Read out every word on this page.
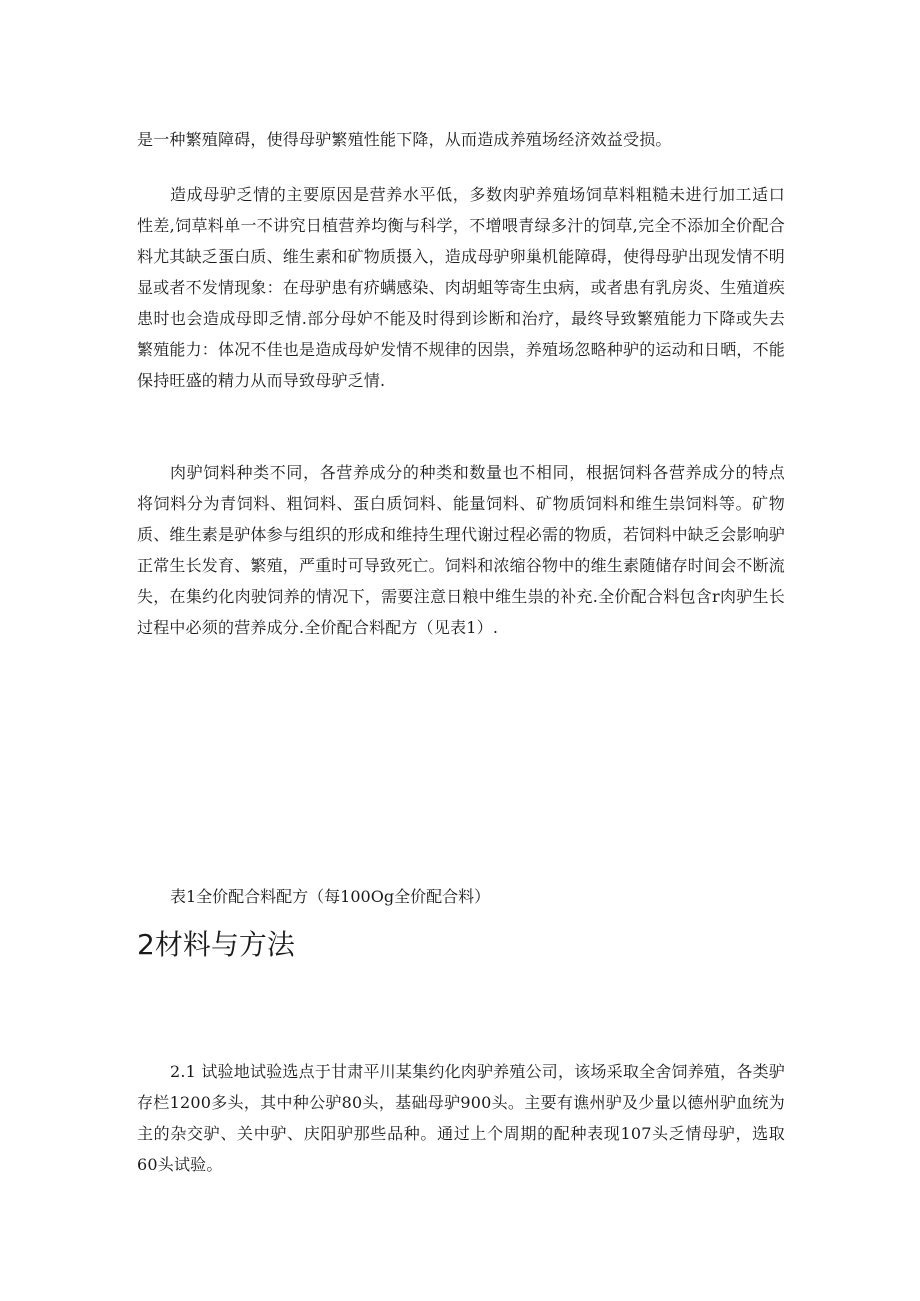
是一种繁殖障碍，使得母驴繁殖性能下降，从而造成养殖场经济效益受损。

造成母驴乏情的主要原因是营养水平低，多数肉驴养殖场饲草料粗糙未进行加工适口性差,饲草料单一不讲究日植营养均衡与科学，不增喂青绿多汁的饲草,完全不添加全价配合料尤其缺乏蛋白质、维生素和矿物质摄入，造成母驴卵巢机能障碍，使得母驴出现发情不明显或者不发情现象：在母驴患有疥螨感染、肉胡蛆等寄生虫病，或者患有乳房炎、生殖道疾患时也会造成母即乏情.部分母妒不能及时得到诊断和治疗，最终导致繁殖能力下降或失去繁殖能力：体况不佳也是造成母妒发情不规律的因祟，养殖场忽略种驴的运动和日晒，不能保持旺盛的精力从而导致母驴乏情.

肉驴饲料种类不同，各营养成分的种类和数量也不相同，根据饲料各营养成分的特点将饲料分为青饲料、粗饲料、蛋白质饲料、能量饲料、矿物质饲料和维生祟饲料等。矿物质、维生素是驴体参与组织的形成和维持生理代谢过程必需的物质，若饲料中缺乏会影响驴正常生长发育、繁殖，严重时可导致死亡。饲料和浓缩谷物中的维生素随储存时间会不断流失，在集约化肉驶饲养的情况下，需要注意日粮中维生祟的补充.全价配合料包含r肉驴生长过程中必须的营养成分.全价配合料配方（见表1）.

表1全价配合料配方（每100Og全价配合料）

2材料与方法

2.1 试验地试验选点于甘肃平川某集约化肉驴养殖公司，该场采取全舍饲养殖，各类驴存栏1200多头，其中种公驴80头，基础母驴900头。主要有谯州驴及少量以德州驴血统为主的杂交驴、关中驴、庆阳驴那些品种。通过上个周期的配种表现107头乏情母驴，选取60头试验。
